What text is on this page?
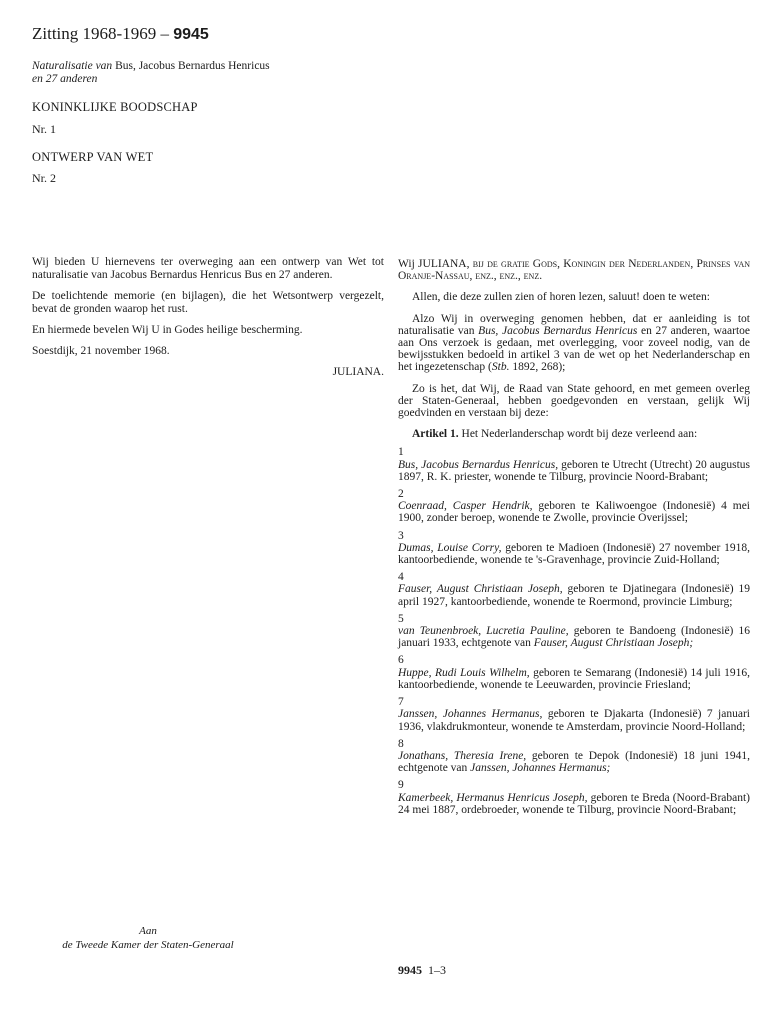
Zitting 1968-1969 – 9945
Naturalisatie van Bus, Jacobus Bernardus Henricus
en 27 anderen
KONINKLIJKE BOODSCHAP
Nr. 1
ONTWERP VAN WET
Nr. 2

Wij bieden U hiernevens ter overweging aan een ontwerp van Wet tot naturalisatie van Jacobus Bernardus Henricus Bus en 27 anderen.

De toelichtende memorie (en bijlagen), die het Wetsontwerp vergezelt, bevat de gronden waarop het rust.

En hiermede bevelen Wij U in Godes heilige bescherming.

Soestdijk, 21 november 1968.

JULIANA.
Aan
de Tweede Kamer der Staten-Generaal

Wij JULIANA, bij de gratie Gods, Koningin der Nederlanden, Prinses van Oranje-Nassau, enz., enz., enz.

Allen, die deze zullen zien of horen lezen, saluut! doen te weten:

Alzo Wij in overweging genomen hebben, dat er aanleiding is tot naturalisatie van Bus, Jacobus Bernardus Henricus en 27 anderen, waartoe aan Ons verzoek is gedaan, met overlegging, voor zoveel nodig, van de bewijsstukken bedoeld in artikel 3 van de wet op het Nederlanderschap en het ingezetenschap (Stb. 1892, 268);

Zo is het, dat Wij, de Raad van State gehoord, en met gemeen overleg der Staten-Generaal, hebben goedgevonden en verstaan, gelijk Wij goedvinden en verstaan bij deze:

Artikel 1. Het Nederlanderschap wordt bij deze verleend aan:

1
Bus, Jacobus Bernardus Henricus, geboren te Utrecht (Utrecht) 20 augustus 1897, R. K. priester, wonende te Tilburg, provincie Noord-Brabant;
2
Coenraad, Casper Hendrik, geboren te Kaliwoengoe (Indonesië) 4 mei 1900, zonder beroep, wonende te Zwolle, provincie Overijssel;
3
Dumas, Louise Corry, geboren te Madioen (Indonesië) 27 november 1918, kantoorbediende, wonende te 's-Gravenhage, provincie Zuid-Holland;
4
Fauser, August Christiaan Joseph, geboren te Djatinegara (Indonesië) 19 april 1927, kantoorbediende, wonende te Roermond, provincie Limburg;
5
van Teunenbroek, Lucretia Pauline, geboren te Bandoeng (Indonesië) 16 januari 1933, echtgenote van Fauser, August Christiaan Joseph;
6
Huppe, Rudi Louis Wilhelm, geboren te Semarang (Indonesië) 14 juli 1916, kantoorbediende, wonende te Leeuwarden, provincie Friesland;
7
Janssen, Johannes Hermanus, geboren te Djakarta (Indonesië) 7 januari 1936, vlakdrukmonteur, wonende te Amsterdam, provincie Noord-Holland;
8
Jonathans, Theresia Irene, geboren te Depok (Indonesië) 18 juni 1941, echtgenote van Janssen, Johannes Hermanus;
9
Kamerbeek, Hermanus Henricus Joseph, geboren te Breda (Noord-Brabant) 24 mei 1887, ordebroeder, wonende te Tilburg, provincie Noord-Brabant;
9945 1–3
